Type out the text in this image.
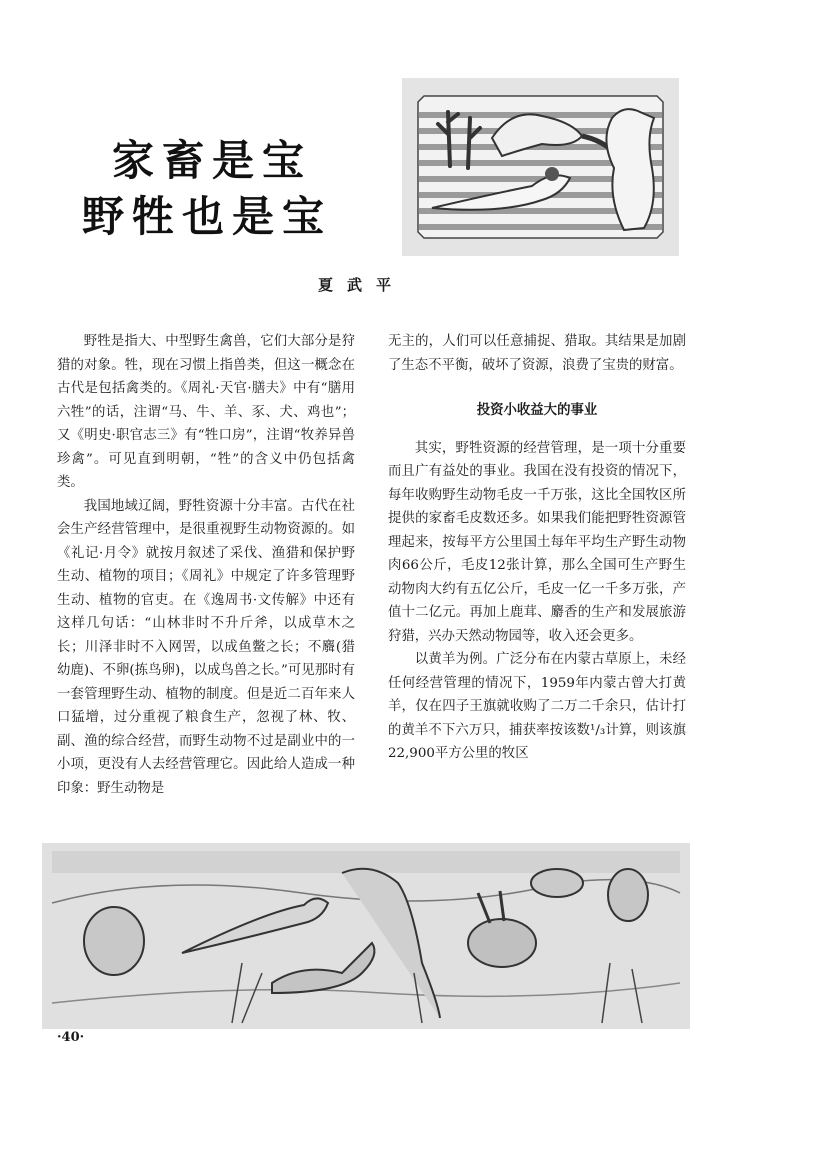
家畜是宝
野牲也是宝
夏武平

野牲是指大、中型野生禽兽，它们大部分是狩猎的对象。牲，现在习惯上指兽类，但这一概念在古代是包括禽类的。《周礼·天官·膳夫》中有“膳用六牲”的话，注谓“马、牛、羊、豕、犬、鸡也”；又《明史·职官志三》有“牲口房”，注谓“牧养异兽珍禽”。可见直到明朝，“牲”的含义中仍包括禽类。

我国地域辽阔，野牲资源十分丰富。古代在社会生产经营管理中，是很重视野生动物资源的。如《礼记·月令》就按月叙述了采伐、渔猎和保护野生动、植物的项目；《周礼》中规定了许多管理野生动、植物的官吏。在《逸周书·文传解》中还有这样几句话：“山林非时不升斤斧，以成草木之长；川泽非时不入网罟，以成鱼鳖之长；不麛(猎幼鹿)、不卵(拣鸟卵)，以成鸟兽之长。”可见那时有一套管理野生动、植物的制度。但是近二百年来人口猛增，过分重视了粮食生产，忽视了林、牧、副、渔的综合经营，而野生动物不过是副业中的一小项，更没有人去经营管理它。因此给人造成一种印象：野生动物是

无主的，人们可以任意捕捉、猎取。其结果是加剧了生态不平衡，破坏了资源，浪费了宝贵的财富。

投资小收益大的事业

其实，野牲资源的经营管理，是一项十分重要而且广有益处的事业。我国在没有投资的情况下，每年收购野生动物毛皮一千万张，这比全国牧区所提供的家畜毛皮数还多。如果我们能把野牲资源管理起来，按每平方公里国土每年平均生产野生动物肉66公斤，毛皮12张计算，那么全国可生产野生动物肉大约有五亿公斤，毛皮一亿一千多万张，产值十二亿元。再加上鹿茸、麝香的生产和发展旅游狩猎，兴办天然动物园等，收入还会更多。

以黄羊为例。广泛分布在内蒙古草原上，未经任何经营管理的情况下，1959年内蒙古曾大打黄羊，仅在四子王旗就收购了二万二千余只，估计打的黄羊不下六万只，捕获率按该数¹/₃计算，则该旗22,900平方公里的牧区

·40·
